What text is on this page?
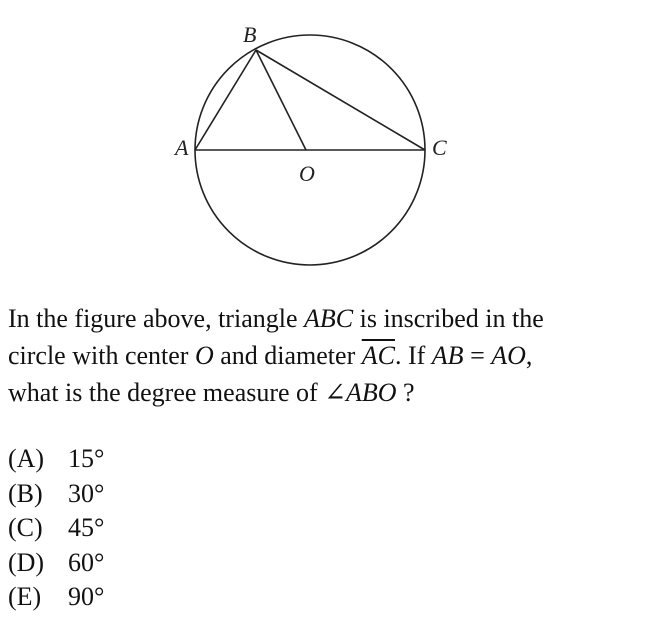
B
A	C
O
In the figure above, triangle ABC is inscribed in the
circle with center O and diameter $\overline{AC}$. If AB = AO,
what is the degree measure of ∠ABO ?
(A) 15°
(B) 30°
(C) 45°
(D) 60°
(E)	90°
